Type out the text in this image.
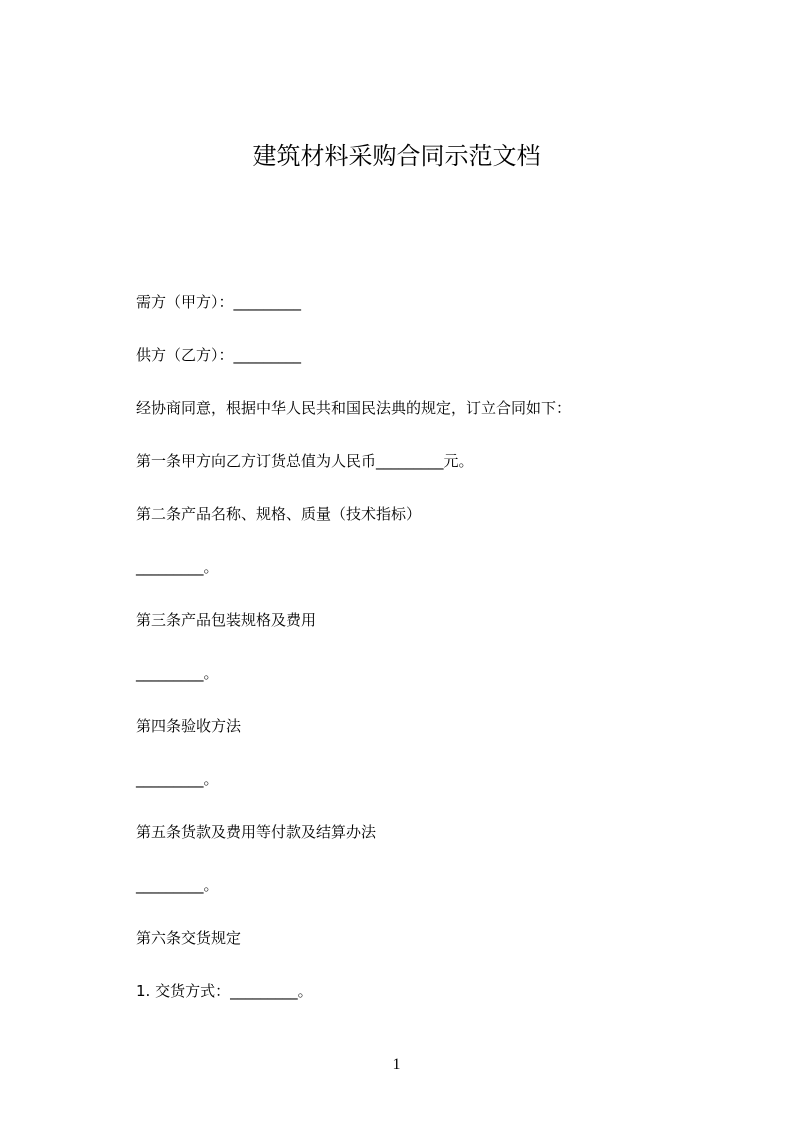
建筑材料采购合同示范文档
需方（甲方）：_________
供方（乙方）：_________
经协商同意，根据中华人民共和国民法典的规定，订立合同如下：
第一条甲方向乙方订货总值为人民币_________元。
第二条产品名称、规格、质量（技术指标）
_________。
第三条产品包装规格及费用
_________。
第四条验收方法
_________。
第五条货款及费用等付款及结算办法
_________。
第六条交货规定
1. 交货方式：_________。
1
